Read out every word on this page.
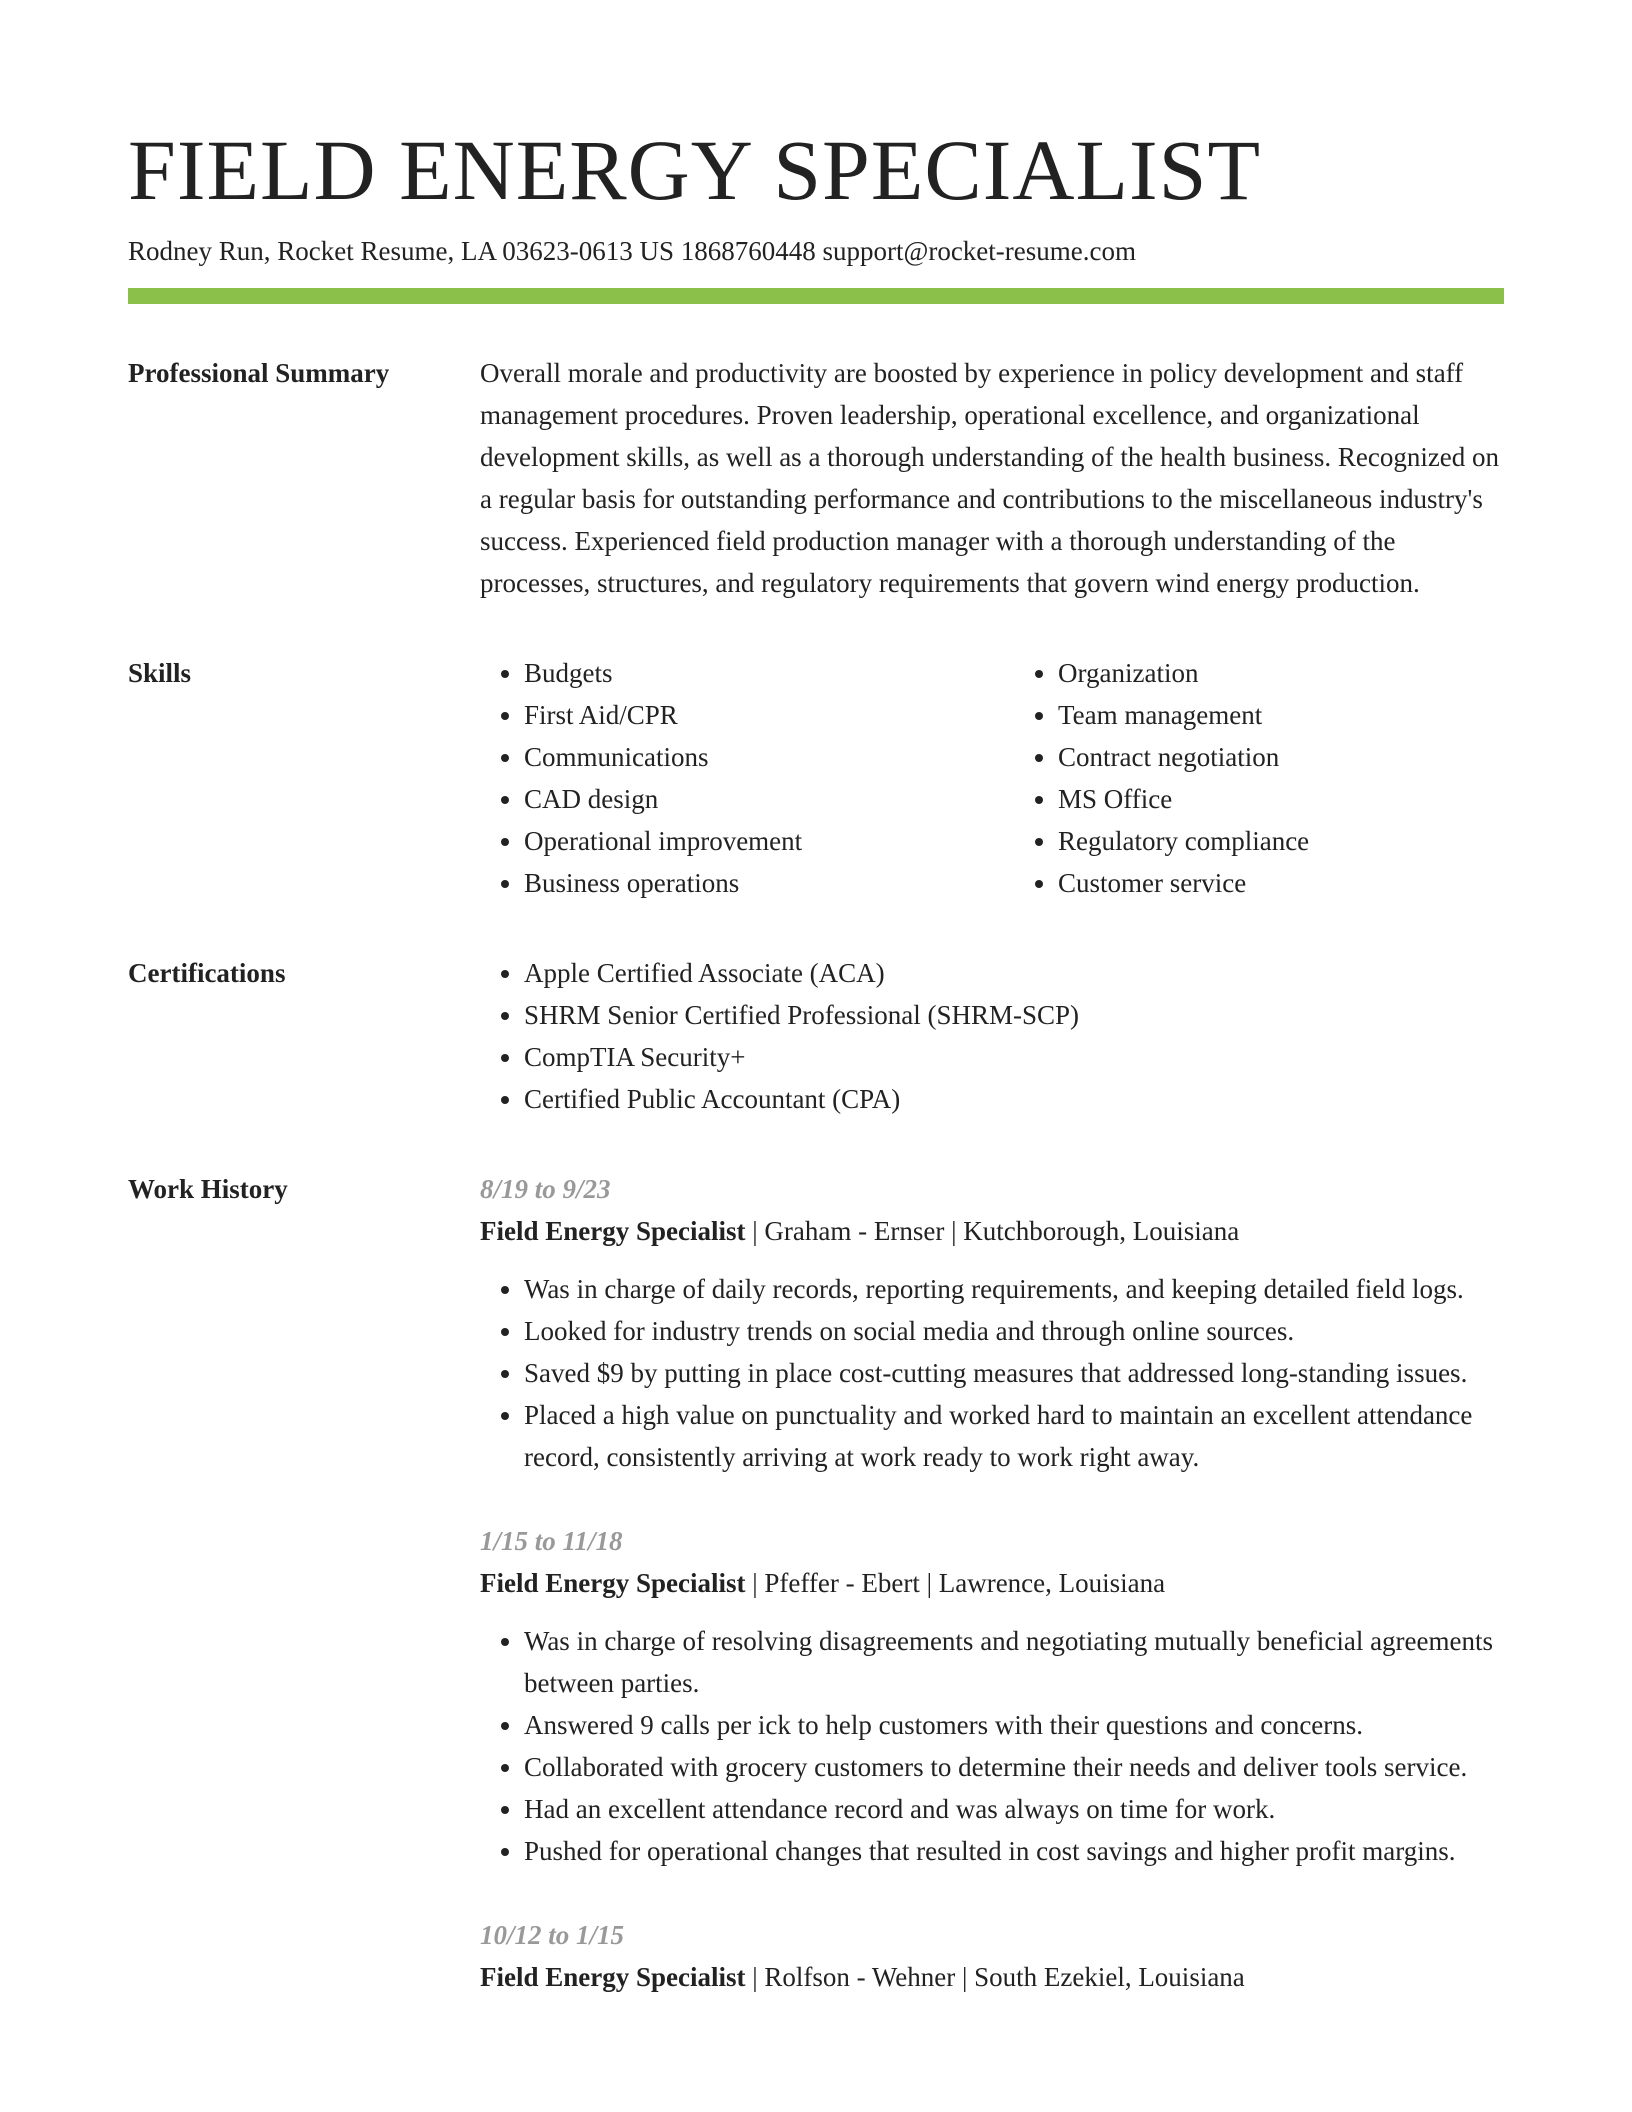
FIELD ENERGY SPECIALIST
Rodney Run, Rocket Resume, LA 03623-0613 US 1868760448 support@rocket-resume.com
Professional Summary	Overall morale and productivity are boosted by experience in policy development and staff management procedures. Proven leadership, operational excellence, and organizational development skills, as well as a thorough understanding of the health business. Recognized on a regular basis for outstanding performance and contributions to the miscellaneous industry's success. Experienced field production manager with a thorough understanding of the processes, structures, and regulatory requirements that govern wind energy production.

Skills	• Budgets
• First Aid/CPR
• Communications
• CAD design
• Operational improvement
• Business operations
• Organization
• Team management
• Contract negotiation
• MS Office
• Regulatory compliance
• Customer service
Certifications	• Apple Certified Associate (ACA)
• SHRM Senior Certified Professional (SHRM-SCP)
• CompTIA Security+
• Certified Public Accountant (CPA)
Work History	8/19 to 9/23
Field Energy Specialist | Graham - Ernser | Kutchborough, Louisiana
• Was in charge of daily records, reporting requirements, and keeping detailed field logs.
• Looked for industry trends on social media and through online sources.
• Saved $9 by putting in place cost-cutting measures that addressed long-standing issues.
• Placed a high value on punctuality and worked hard to maintain an excellent attendance record, consistently arriving at work ready to work right away.
1/15 to 11/18
Field Energy Specialist | Pfeffer - Ebert | Lawrence, Louisiana
• Was in charge of resolving disagreements and negotiating mutually beneficial agreements between parties.
• Answered 9 calls per ick to help customers with their questions and concerns.
• Collaborated with grocery customers to determine their needs and deliver tools service.
• Had an excellent attendance record and was always on time for work.
• Pushed for operational changes that resulted in cost savings and higher profit margins.
10/12 to 1/15
Field Energy Specialist | Rolfson - Wehner | South Ezekiel, Louisiana
